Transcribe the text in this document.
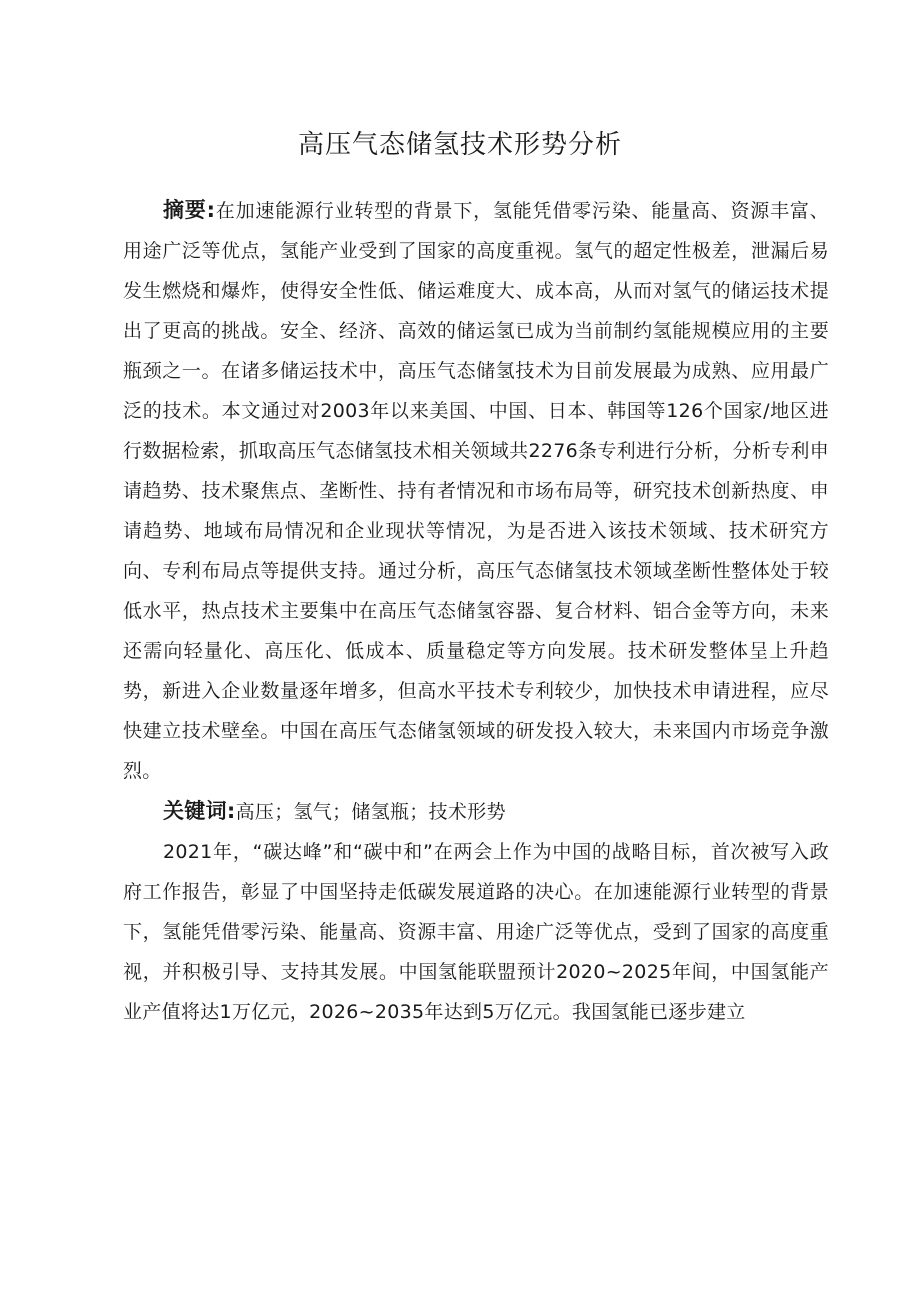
高压气态储氢技术形势分析

摘要:在加速能源行业转型的背景下，氢能凭借零污染、能量高、资源丰富、用途广泛等优点，氢能产业受到了国家的高度重视。氢气的超定性极差，泄漏后易发生燃烧和爆炸，使得安全性低、储运难度大、成本高，从而对氢气的储运技术提出了更高的挑战。安全、经济、高效的储运氢已成为当前制约氢能规模应用的主要瓶颈之一。在诸多储运技术中，高压气态储氢技术为目前发展最为成熟、应用最广泛的技术。本文通过对2003年以来美国、中国、日本、韩国等126个国家/地区进行数据检索，抓取高压气态储氢技术相关领域共2276条专利进行分析，分析专利申请趋势、技术聚焦点、垄断性、持有者情况和市场布局等，研究技术创新热度、申请趋势、地域布局情况和企业现状等情况，为是否进入该技术领域、技术研究方向、专利布局点等提供支持。通过分析，高压气态储氢技术领域垄断性整体处于较低水平，热点技术主要集中在高压气态储氢容器、复合材料、铝合金等方向，未来还需向轻量化、高压化、低成本、质量稳定等方向发展。技术研发整体呈上升趋势，新进入企业数量逐年增多，但高水平技术专利较少，加快技术申请进程，应尽快建立技术壁垒。中国在高压气态储氢领域的研发投入较大，未来国内市场竞争激烈。

关键词:高压；氢气；储氢瓶；技术形势

2021年，“碳达峰”和“碳中和”在两会上作为中国的战略目标，首次被写入政府工作报告，彰显了中国坚持走低碳发展道路的决心。在加速能源行业转型的背景下，氢能凭借零污染、能量高、资源丰富、用途广泛等优点，受到了国家的高度重视，并积极引导、支持其发展。中国氢能联盟预计2020~2025年间，中国氢能产业产值将达1万亿元，2026~2035年达到5万亿元。我国氢能已逐步建立
